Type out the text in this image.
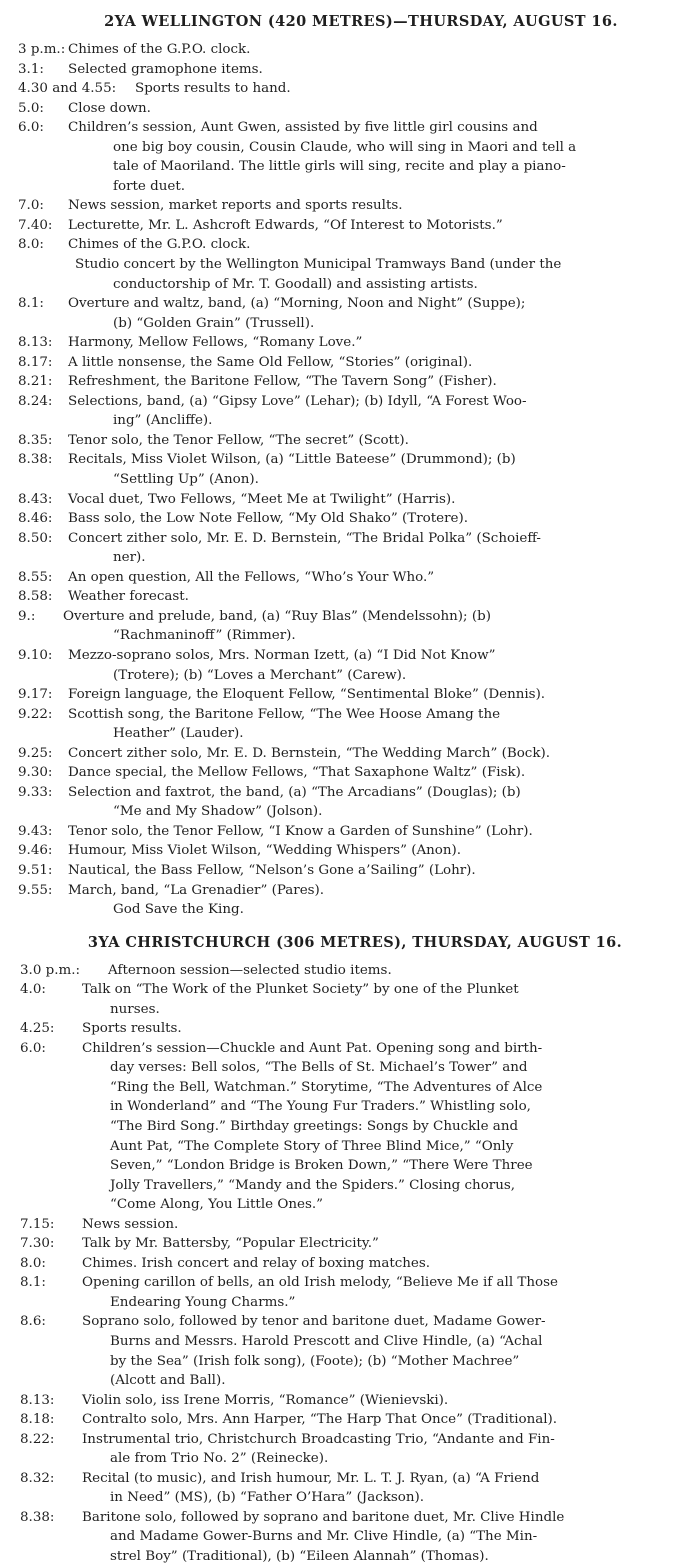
2YA WELLINGTON (420 METRES)—THURSDAY, AUGUST 16.
3 p.m.: Chimes of the G.P.O. clock.
3.1:	Selected gramophone items.
4.30 and 4.55:	Sports results to hand.
5.0:	Close down.
6.0:	Children’s session, Aunt Gwen, assisted by five little girl cousins and
one big boy cousin, Cousin Claude, who will sing in Maori and tell a
tale of Maoriland. The little girls will sing, recite and play a piano-
forte duet.
7.0:	News session, market reports and sports results.
7.40:	Lecturette, Mr. L. Ashcroft Edwards, “Of Interest to Motorists.”
8.0:	Chimes of the G.P.O. clock.
Studio concert by the Wellington Municipal Tramways Band (under the
conductorship of Mr. T. Goodall) and assisting artists.
8.1:	Overture and waltz, band, (a) “Morning, Noon and Night” (Suppe);
(b) “Golden Grain” (Trussell).
8.13:	Harmony, Mellow Fellows, “Romany Love.”
8.17:	A little nonsense, the Same Old Fellow, “Stories” (original).
8.21:	Refreshment, the Baritone Fellow, “The Tavern Song” (Fisher).
8.24:	Selections, band, (a) “Gipsy Love” (Lehar); (b) Idyll, “A Forest Woo-
ing” (Ancliffe).
8.35:	Tenor solo, the Tenor Fellow, “The secret” (Scott).
8.38:	Recitals, Miss Violet Wilson, (a) “Little Bateese” (Drummond); (b)
“Settling Up” (Anon).
8.43:	Vocal duet, Two Fellows, “Meet Me at Twilight” (Harris).
8.46:	Bass solo, the Low Note Fellow, “My Old Shako” (Trotere).
8.50:	Concert zither solo, Mr. E. D. Bernstein, “The Bridal Polka” (Schoieff-
ner).
8.55:	An open question, All the Fellows, “Who’s Your Who.”
8.58:	Weather forecast.
9.:	Overture and prelude, band, (a) “Ruy Blas” (Mendelssohn); (b)
“Rachmaninoff” (Rimmer).
9.10:	Mezzo-soprano solos, Mrs. Norman Izett, (a) “I Did Not Know”
(Trotere); (b) “Loves a Merchant” (Carew).
9.17:	Foreign language, the Eloquent Fellow, “Sentimental Bloke” (Dennis).
9.22:	Scottish song, the Baritone Fellow, “The Wee Hoose Amang the
Heather” (Lauder).
9.25:	Concert zither solo, Mr. E. D. Bernstein, “The Wedding March” (Bock).
9.30:	Dance special, the Mellow Fellows, “That Saxaphone Waltz” (Fisk).
9.33:	Selection and faxtrot, the band, (a) “The Arcadians” (Douglas); (b)
“Me and My Shadow” (Jolson).
9.43:	Tenor solo, the Tenor Fellow, “I Know a Garden of Sunshine” (Lohr).
9.46:	Humour, Miss Violet Wilson, “Wedding Whispers” (Anon).
9.51:	Nautical, the Bass Fellow, “Nelson’s Gone a’Sailing” (Lohr).
9.55:	March, band, “La Grenadier” (Pares).
God Save the King.
3YA CHRISTCHURCH (306 METRES), THURSDAY, AUGUST 16.
3.0 p.m.:	Afternoon session—selected studio items.
4.0:	Talk on “The Work of the Plunket Society” by one of the Plunket
nurses.
4.25:	Sports results.
6.0:	Children’s session—Chuckle and Aunt Pat. Opening song and birth-
day verses: Bell solos, “The Bells of St. Michael’s Tower” and
“Ring the Bell, Watchman.” Storytime, “The Adventures of Alce
in Wonderland” and “The Young Fur Traders.” Whistling solo,
“The Bird Song.” Birthday greetings: Songs by Chuckle and
Aunt Pat, “The Complete Story of Three Blind Mice,” “Only
Seven,” “London Bridge is Broken Down,” “There Were Three
Jolly Travellers,” “Mandy and the Spiders.” Closing chorus,
“Come Along, You Little Ones.”
7.15:	News session.
7.30:	Talk by Mr. Battersby, “Popular Electricity.”
8.0:	Chimes. Irish concert and relay of boxing matches.
8.1:	Opening carillon of bells, an old Irish melody, “Believe Me if all Those
Endearing Young Charms.”
8.6:	Soprano solo, followed by tenor and baritone duet, Madame Gower-
Burns and Messrs. Harold Prescott and Clive Hindle, (a) “Achal
by the Sea” (Irish folk song), (Foote); (b) “Mother Machree”
(Alcott and Ball).
8.13:	Violin solo, iss Irene Morris, “Romance” (Wienievski).
8.18:	Contralto solo, Mrs. Ann Harper, “The Harp That Once” (Traditional).
8.22:	Instrumental trio, Christchurch Broadcasting Trio, “Andante and Fin-
ale from Trio No. 2” (Reinecke).
8.32:	Recital (to music), and Irish humour, Mr. L. T. J. Ryan, (a) “A Friend
in Need” (MS), (b) “Father O’Hara” (Jackson).
8.38:	Baritone solo, followed by soprano and baritone duet, Mr. Clive Hindle
and Madame Gower-Burns and Mr. Clive Hindle, (a) “The Min-
strel Boy” (Traditional), (b) “Eileen Alannah” (Thomas).
